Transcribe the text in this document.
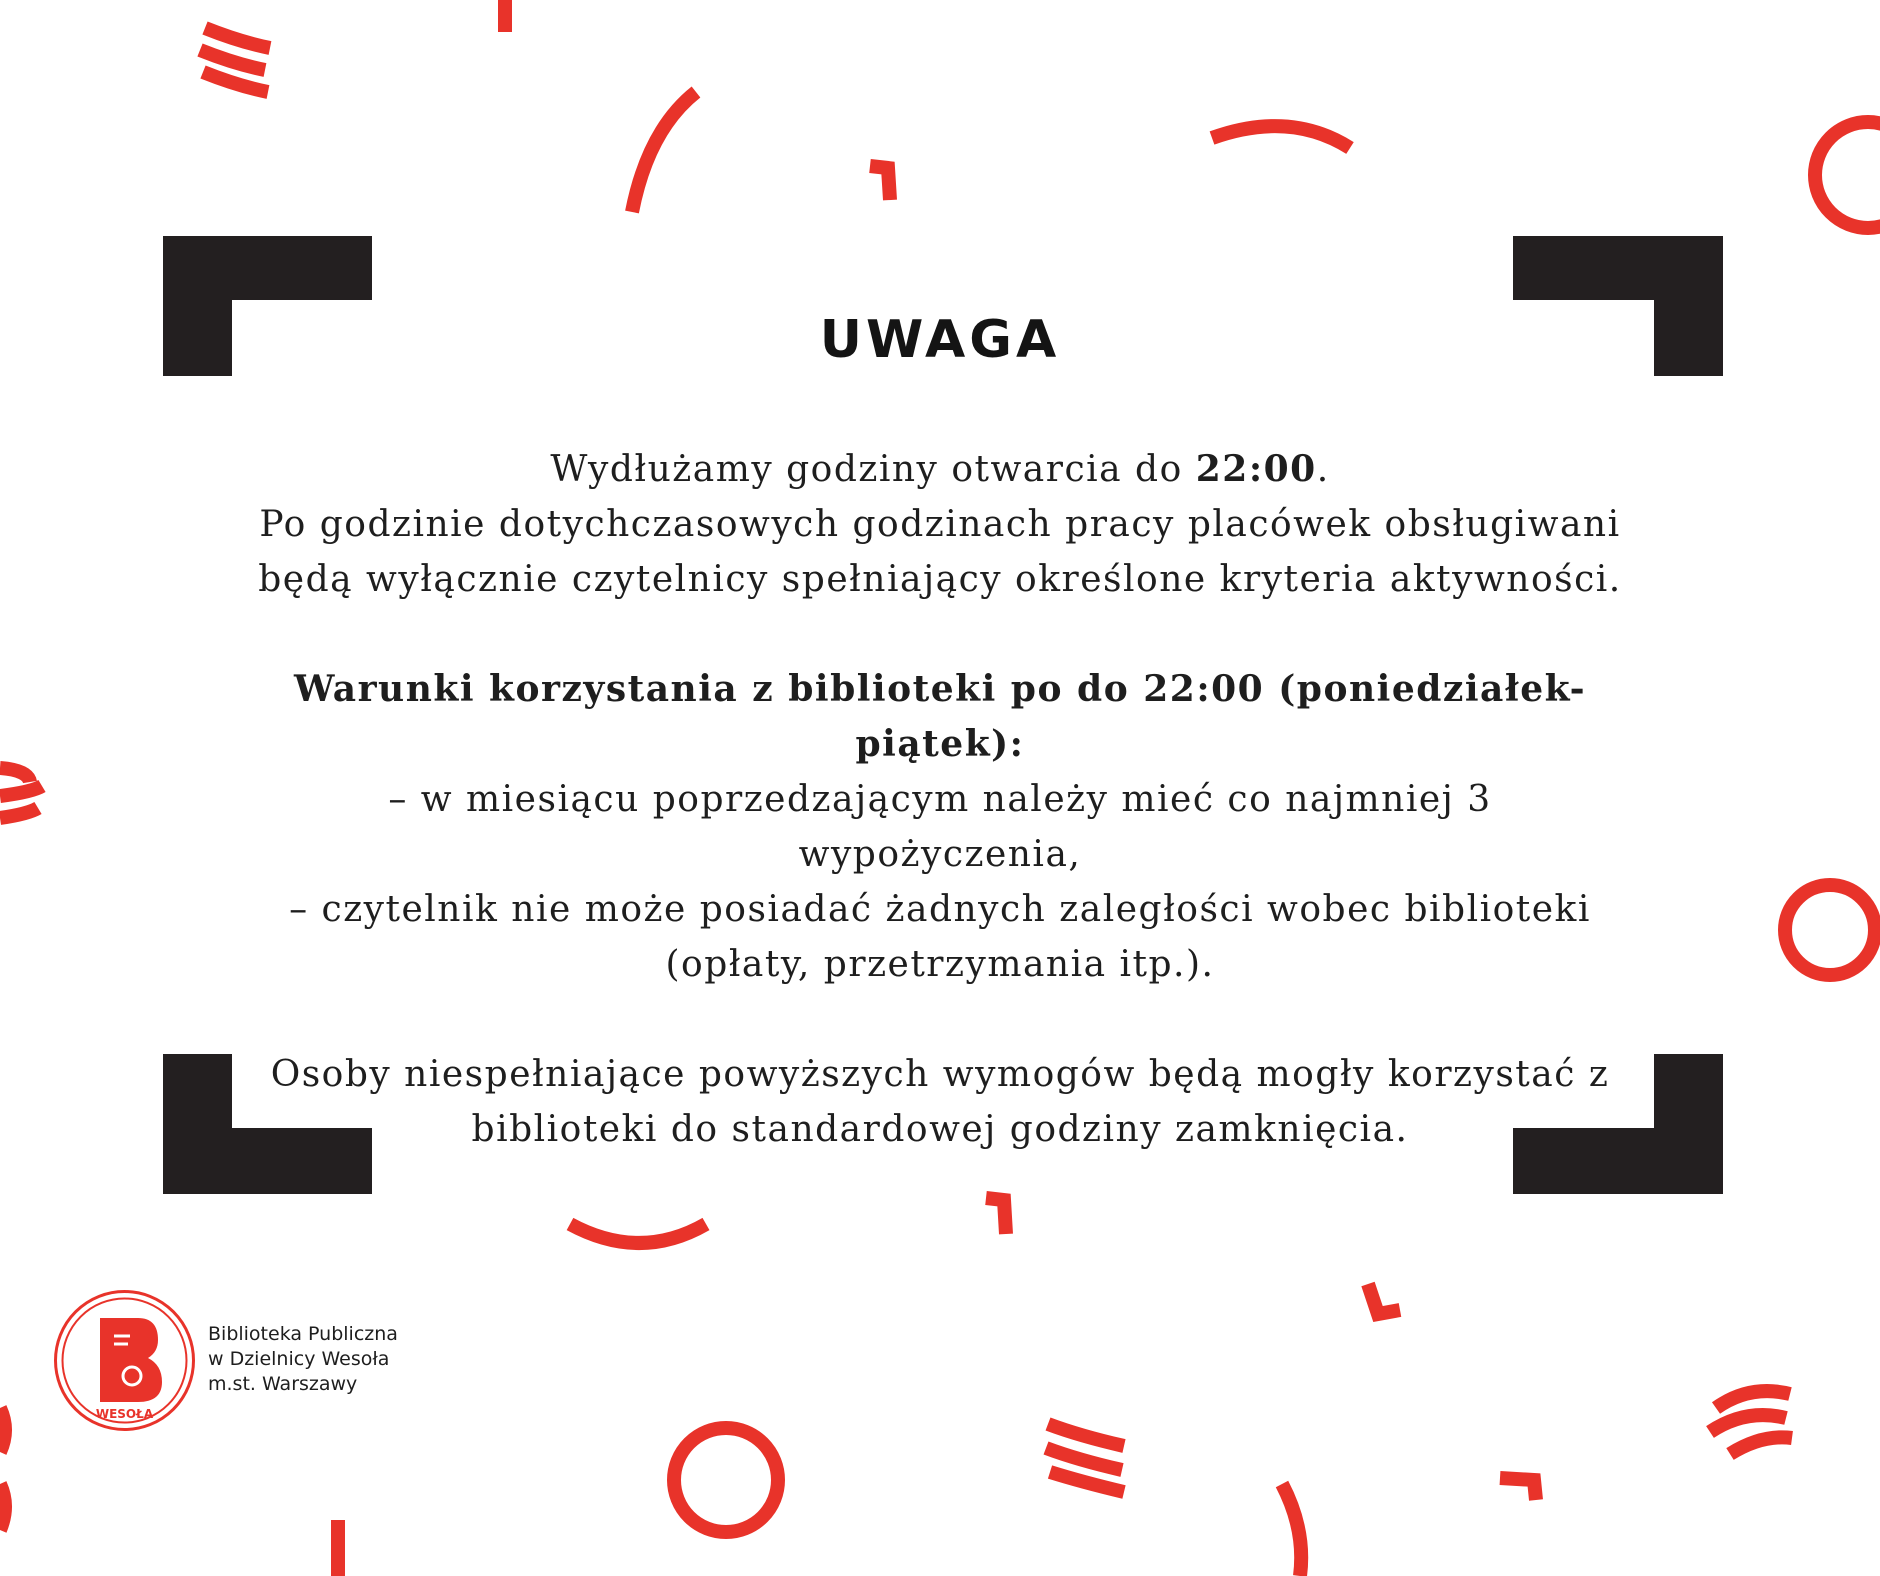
UWAGA

Wydłużamy godziny otwarcia do 22:00.

Po godzinie dotychczasowych godzinach pracy placówek obsługiwani

będą wyłącznie czytelnicy spełniający określone kryteria aktywności.

Warunki korzystania z biblioteki po do 22:00 (poniedziałek-piątek):

– w miesiącu poprzedzającym należy mieć co najmniej 3

wypożyczenia,

– czytelnik nie może posiadać żadnych zaległości wobec biblioteki

(opłaty, przetrzymania itp.).

Osoby niespełniające powyższych wymogów będą mogły korzystać z

biblioteki do standardowej godziny zamknięcia.

WESOŁA
Biblioteka Publiczna
w Dzielnicy Wesoła
m.st. Warszawy
